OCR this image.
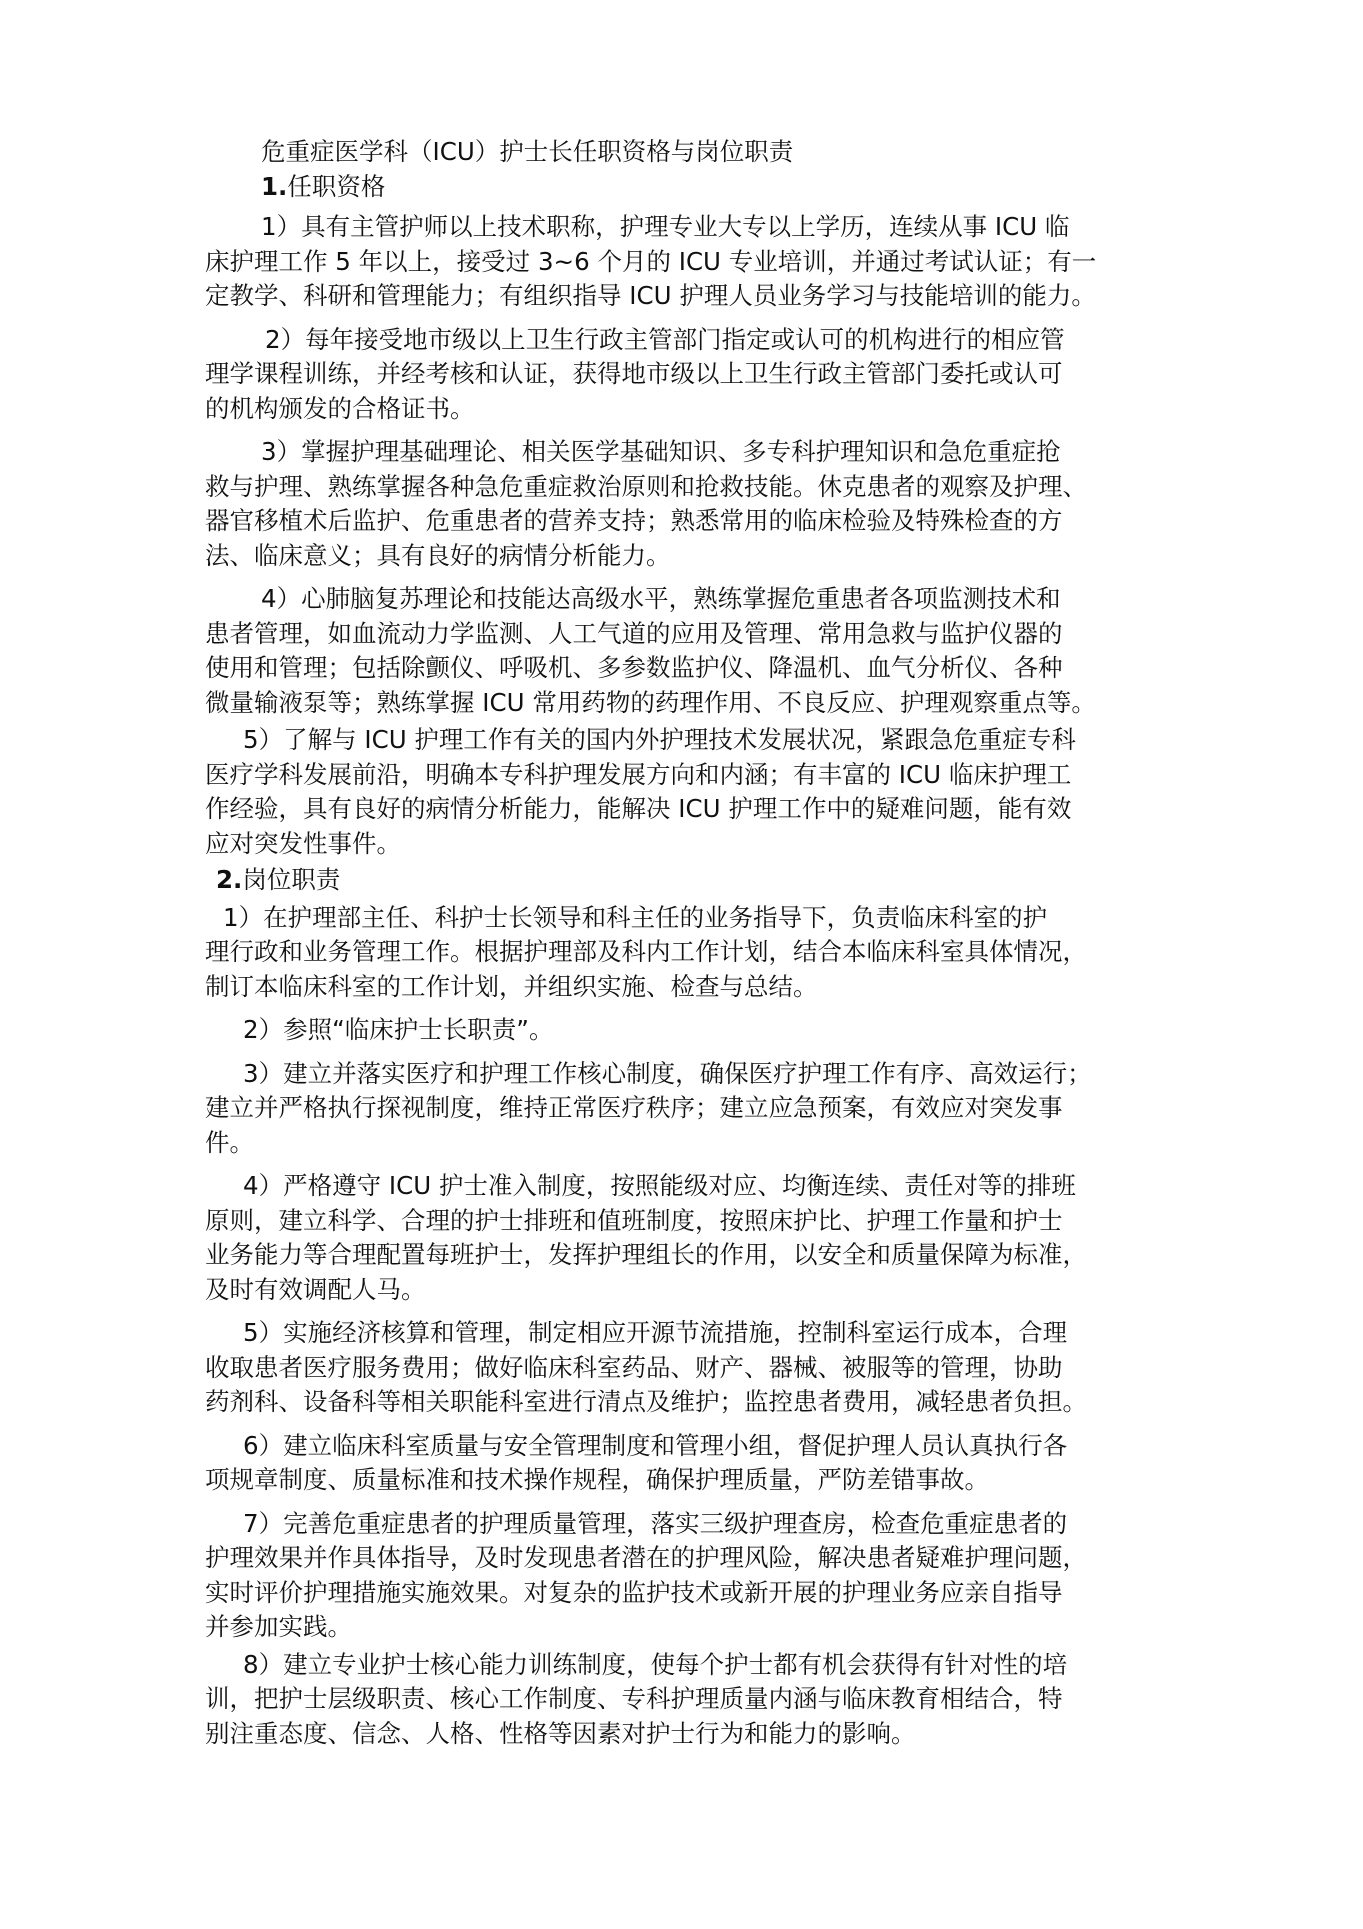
危重症医学科（ICU）护士长任职资格与岗位职责

1.任职资格

1）具有主管护师以上技术职称，护理专业大专以上学历，连续从事 ICU 临

床护理工作 5 年以上，接受过 3~6 个月的 ICU 专业培训，并通过考试认证；有一

定教学、科研和管理能力；有组织指导 ICU 护理人员业务学习与技能培训的能力。

2）每年接受地市级以上卫生行政主管部门指定或认可的机构进行的相应管

理学课程训练，并经考核和认证，获得地市级以上卫生行政主管部门委托或认可

的机构颁发的合格证书。

3）掌握护理基础理论、相关医学基础知识、多专科护理知识和急危重症抢

救与护理、熟练掌握各种急危重症救治原则和抢救技能。休克患者的观察及护理、

器官移植术后监护、危重患者的营养支持；熟悉常用的临床检验及特殊检查的方

法、临床意义；具有良好的病情分析能力。

4）心肺脑复苏理论和技能达高级水平，熟练掌握危重患者各项监测技术和

患者管理，如血流动力学监测、人工气道的应用及管理、常用急救与监护仪器的

使用和管理；包括除颤仪、呼吸机、多参数监护仪、降温机、血气分析仪、各种

微量输液泵等；熟练掌握 ICU 常用药物的药理作用、不良反应、护理观察重点等。

5）了解与 ICU 护理工作有关的国内外护理技术发展状况，紧跟急危重症专科

医疗学科发展前沿，明确本专科护理发展方向和内涵；有丰富的 ICU 临床护理工

作经验，具有良好的病情分析能力，能解决 ICU 护理工作中的疑难问题，能有效

应对突发性事件。

2.岗位职责

1）在护理部主任、科护士长领导和科主任的业务指导下，负责临床科室的护

理行政和业务管理工作。根据护理部及科内工作计划，结合本临床科室具体情况，

制订本临床科室的工作计划，并组织实施、检查与总结。

2）参照“临床护士长职责”。

3）建立并落实医疗和护理工作核心制度，确保医疗护理工作有序、高效运行；

建立并严格执行探视制度，维持正常医疗秩序；建立应急预案，有效应对突发事

件。

4）严格遵守 ICU 护士准入制度，按照能级对应、均衡连续、责任对等的排班

原则，建立科学、合理的护士排班和值班制度，按照床护比、护理工作量和护士

业务能力等合理配置每班护士，发挥护理组长的作用，以安全和质量保障为标准，

及时有效调配人马。

5）实施经济核算和管理，制定相应开源节流措施，控制科室运行成本，合理

收取患者医疗服务费用；做好临床科室药品、财产、器械、被服等的管理，协助

药剂科、设备科等相关职能科室进行清点及维护；监控患者费用，减轻患者负担。

6）建立临床科室质量与安全管理制度和管理小组，督促护理人员认真执行各

项规章制度、质量标准和技术操作规程，确保护理质量，严防差错事故。

7）完善危重症患者的护理质量管理，落实三级护理查房，检查危重症患者的

护理效果并作具体指导，及时发现患者潜在的护理风险，解决患者疑难护理问题，

实时评价护理措施实施效果。对复杂的监护技术或新开展的护理业务应亲自指导

并参加实践。

8）建立专业护士核心能力训练制度，使每个护士都有机会获得有针对性的培

训，把护士层级职责、核心工作制度、专科护理质量内涵与临床教育相结合，特

别注重态度、信念、人格、性格等因素对护士行为和能力的影响。
